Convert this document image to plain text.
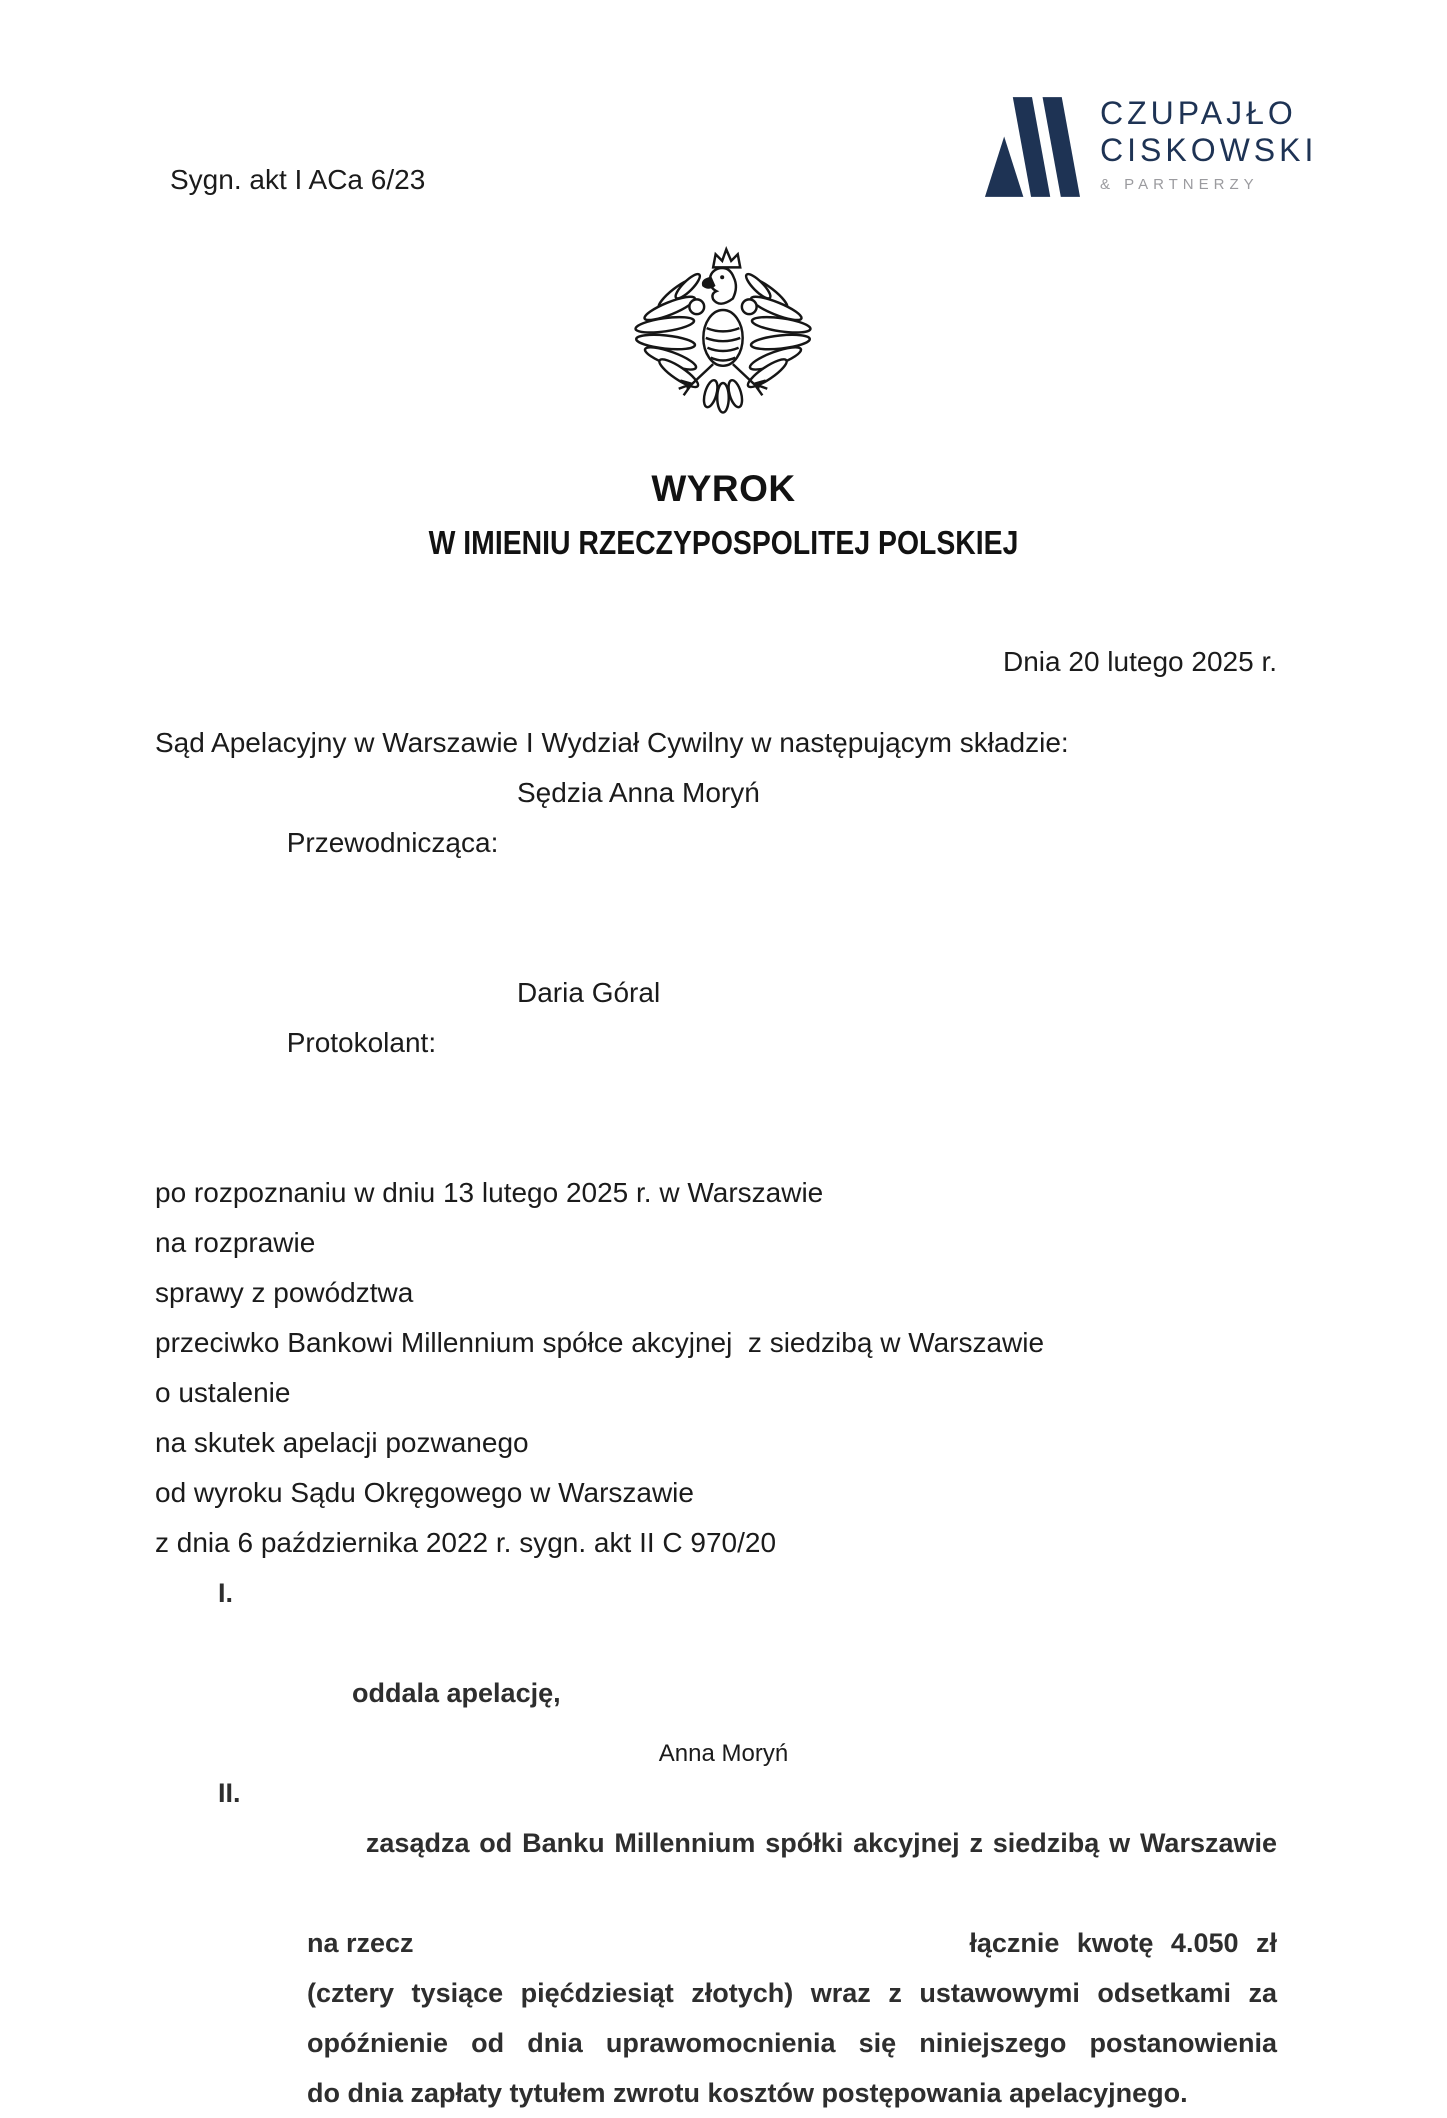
Sygn. akt I ACa 6/23
CZUPAJŁO
CISKOWSKI
& PARTNERZY
WYROK
W IMIENIU RZECZYPOSPOLITEJ POLSKIEJ
Dnia 20 lutego 2025 r.
Sąd Apelacyjny w Warszawie I Wydział Cywilny w następującym składzie:

Przewodnicząca:

Sędzia Anna Moryń

Protokolant:

Daria Góral

po rozpoznaniu w dniu 13 lutego 2025 r. w Warszawie
na rozprawie
sprawy z powództwa
przeciwko Bankowi Millennium spółce akcyjnej  z siedzibą w Warszawie
o ustalenie
na skutek apelacji pozwanego
od wyroku Sądu Okręgowego w Warszawie
z dnia 6 października 2022 r. sygn. akt II C 970/20

I.

oddala apelację,

II.
zasądza od Banku Millennium spółki akcyjnej z siedzibą w Warszawie

na rzecz	łącznie kwotę 4.050 zł
(cztery tysiące pięćdziesiąt złotych) wraz z ustawowymi odsetkami za
opóźnienie od dnia uprawomocnienia się niniejszego postanowienia
do dnia zapłaty tytułem zwrotu kosztów postępowania apelacyjnego.
Anna Moryń
